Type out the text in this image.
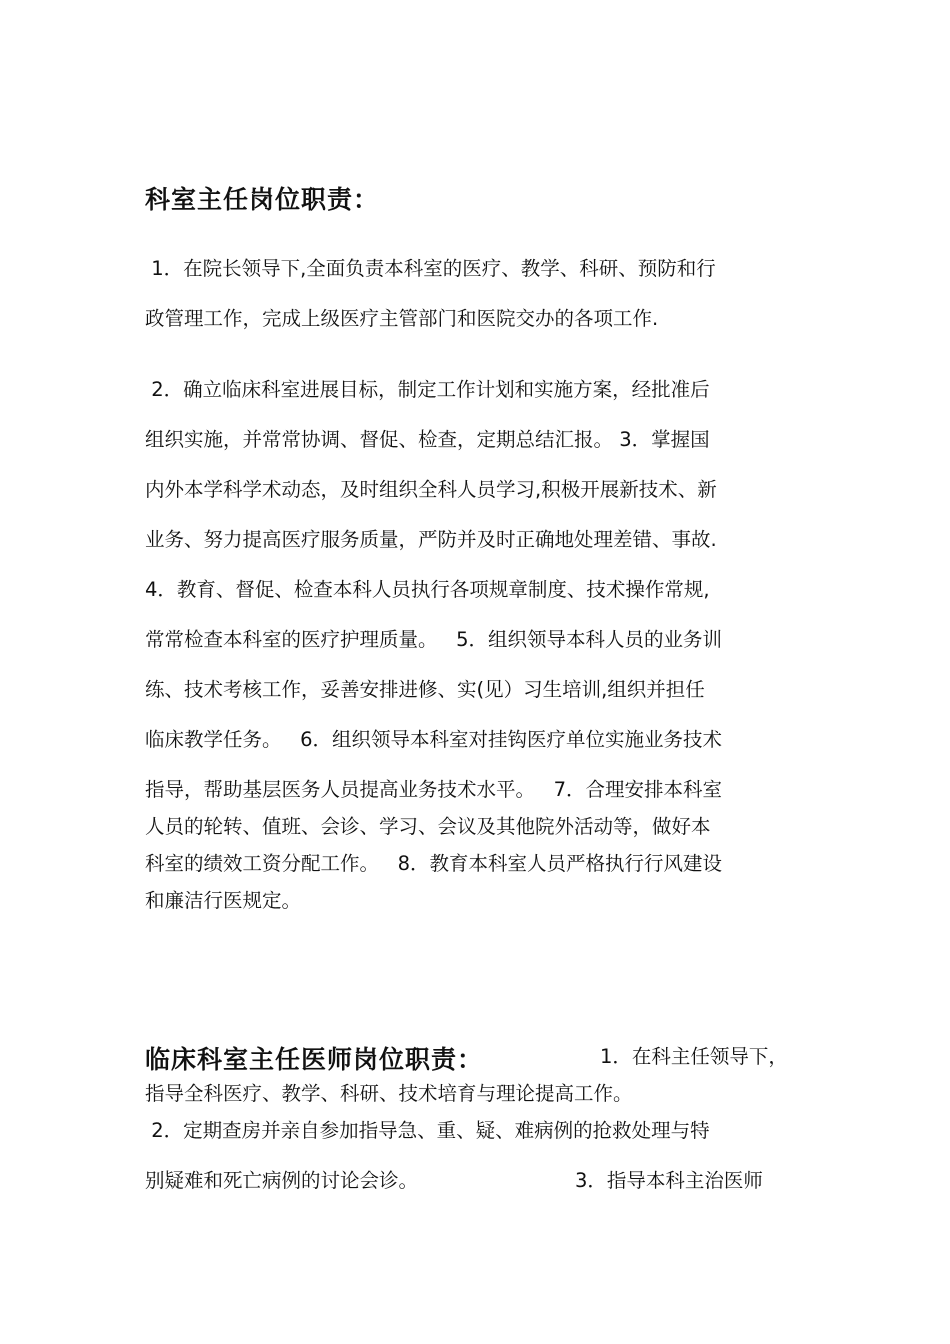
科室主任岗位职责：
1．在院长领导下,全面负责本科室的医疗、教学、科研、预防和行
政管理工作，完成上级医疗主管部门和医院交办的各项工作.
2．确立临床科室进展目标，制定工作计划和实施方案，经批准后
组织实施，并常常协调、督促、检查，定期总结汇报。 3．掌握国
内外本学科学术动态，及时组织全科人员学习,积极开展新技术、新
业务、努力提高医疗服务质量，严防并及时正确地处理差错、事故.
4．教育、督促、检查本科人员执行各项规章制度、技术操作常规,
常常检查本科室的医疗护理质量。   5．组织领导本科人员的业务训
练、技术考核工作，妥善安排进修、实(见）习生培训,组织并担任
临床教学任务。   6．组织领导本科室对挂钩医疗单位实施业务技术
指导，帮助基层医务人员提高业务技术水平。   7．合理安排本科室
人员的轮转、值班、会诊、学习、会议及其他院外活动等，做好本
科室的绩效工资分配工作。   8．教育本科室人员严格执行行风建设
和廉洁行医规定。
临床科室主任医师岗位职责：	1．在科主任领导下，
指导全科医疗、教学、科研、技术培育与理论提高工作。
2．定期查房并亲自参加指导急、重、疑、难病例的抢救处理与特
别疑难和死亡病例的讨论会诊。	3．指导本科主治医师
